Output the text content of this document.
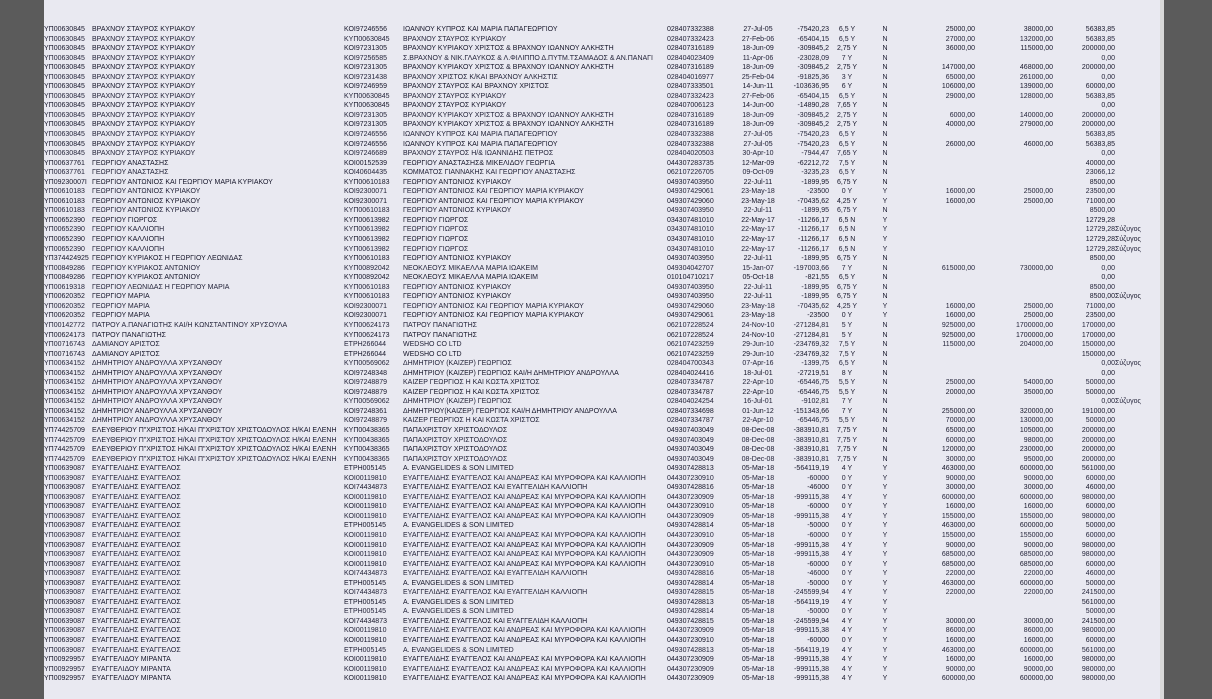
ΥΠ00630845	ΒΡΑΧΝΟΥ ΣΤΑΥΡΟΣ ΚΥΡΙΑΚΟΥ	ΚΟΙ97246556	ΙΩΑΝΝΟΥ ΚΥΠΡΟΣ ΚΑΙ ΜΑΡΙΑ ΠΑΠΑΓΕΩΡΓΙΟΥ	028407332388	27-Jul-05	-75420,23	6,5 Y	N	25000,00	38000,00	56383,85	
ΥΠ00630845	ΒΡΑΧΝΟΥ ΣΤΑΥΡΟΣ ΚΥΡΙΑΚΟΥ	ΚΥΠ00630845	ΒΡΑΧΝΟΥ ΣΤΑΥΡΟΣ ΚΥΡΙΑΚΟΥ	028407332423	27-Feb-06	-65404,15	6,5 Y	N	27000,00	132000,00	56383,85	
ΥΠ00630845	ΒΡΑΧΝΟΥ ΣΤΑΥΡΟΣ ΚΥΡΙΑΚΟΥ	ΚΟΙ97231305	ΒΡΑΧΝΟΥ ΚΥΡΙΑΚΟΥ ΧΡΙΣΤΟΣ & ΒΡΑΧΝΟΥ ΙΩΑΝΝΟΥ ΑΛΚΗΣΤΗ	028407316189	18-Jun-09	-309845,2	2,75 Y	N	36000,00	115000,00	200000,00	
ΥΠ00630845	ΒΡΑΧΝΟΥ ΣΤΑΥΡΟΣ ΚΥΡΙΑΚΟΥ	ΚΟΙ97256585	Σ.ΒΡΑΧΝΟΥ & ΝΙΚ.ΓΛΑΥΚΟΣ & Λ.ΦΙΛΙΠΠΟ Δ.ΠΥΤΜ.ΤΣΑΜΑΔΟΣ & ΑΝ.ΠΑΝΑΓΙ	028404023409	11-Apr-06	-23028,09	7 Y	N			0,00	
ΥΠ00630845	ΒΡΑΧΝΟΥ ΣΤΑΥΡΟΣ ΚΥΡΙΑΚΟΥ	ΚΟΙ97231305	ΒΡΑΧΝΟΥ ΚΥΡΙΑΚΟΥ ΧΡΙΣΤΟΣ & ΒΡΑΧΝΟΥ ΙΩΑΝΝΟΥ ΑΛΚΗΣΤΗ	028407316189	18-Jun-09	-309845,2	2,75 Y	N	147000,00	468000,00	200000,00	
ΥΠ00630845	ΒΡΑΧΝΟΥ ΣΤΑΥΡΟΣ ΚΥΡΙΑΚΟΥ	ΚΟΙ97231438	ΒΡΑΧΝΟΥ ΧΡΙΣΤΟΣ Κ/ΚΑΙ ΒΡΑΧΝΟΥ ΑΛΚΗΣΤΙΣ	028404016977	25-Feb-04	-91825,36	3 Y	N	65000,00	261000,00	0,00	
ΥΠ00630845	ΒΡΑΧΝΟΥ ΣΤΑΥΡΟΣ ΚΥΡΙΑΚΟΥ	ΚΟΙ97246959	ΒΡΑΧΝΟΥ ΣΤΑΥΡΟΣ ΚΑΙ ΒΡΑΧΝΟΥ ΧΡΙΣΤΟΣ	028407333501	14-Jun-11	-103636,95	6 Y	N	106000,00	139000,00	60000,00	
ΥΠ00630845	ΒΡΑΧΝΟΥ ΣΤΑΥΡΟΣ ΚΥΡΙΑΚΟΥ	ΚΥΠ00630845	ΒΡΑΧΝΟΥ ΣΤΑΥΡΟΣ ΚΥΡΙΑΚΟΥ	028407332423	27-Feb-06	-65404,15	6,5 Y	N	29000,00	128000,00	56383,85	
ΥΠ00630845	ΒΡΑΧΝΟΥ ΣΤΑΥΡΟΣ ΚΥΡΙΑΚΟΥ	ΚΥΠ00630845	ΒΡΑΧΝΟΥ ΣΤΑΥΡΟΣ ΚΥΡΙΑΚΟΥ	028407006123	14-Jun-00	-14890,28	7,65 Y	N			0,00	
ΥΠ00630845	ΒΡΑΧΝΟΥ ΣΤΑΥΡΟΣ ΚΥΡΙΑΚΟΥ	ΚΟΙ97231305	ΒΡΑΧΝΟΥ ΚΥΡΙΑΚΟΥ ΧΡΙΣΤΟΣ & ΒΡΑΧΝΟΥ ΙΩΑΝΝΟΥ ΑΛΚΗΣΤΗ	028407316189	18-Jun-09	-309845,2	2,75 Y	N	6000,00	140000,00	200000,00	
ΥΠ00630845	ΒΡΑΧΝΟΥ ΣΤΑΥΡΟΣ ΚΥΡΙΑΚΟΥ	ΚΟΙ97231305	ΒΡΑΧΝΟΥ ΚΥΡΙΑΚΟΥ ΧΡΙΣΤΟΣ & ΒΡΑΧΝΟΥ ΙΩΑΝΝΟΥ ΑΛΚΗΣΤΗ	028407316189	18-Jun-09	-309845,2	2,75 Y	N	40000,00	279000,00	200000,00	
ΥΠ00630845	ΒΡΑΧΝΟΥ ΣΤΑΥΡΟΣ ΚΥΡΙΑΚΟΥ	ΚΟΙ97246556	ΙΩΑΝΝΟΥ ΚΥΠΡΟΣ ΚΑΙ ΜΑΡΙΑ ΠΑΠΑΓΕΩΡΓΙΟΥ	028407332388	27-Jul-05	-75420,23	6,5 Y	N			56383,85	
ΥΠ00630845	ΒΡΑΧΝΟΥ ΣΤΑΥΡΟΣ ΚΥΡΙΑΚΟΥ	ΚΟΙ97246556	ΙΩΑΝΝΟΥ ΚΥΠΡΟΣ ΚΑΙ ΜΑΡΙΑ ΠΑΠΑΓΕΩΡΓΙΟΥ	028407332388	27-Jul-05	-75420,23	6,5 Y	N	26000,00	46000,00	56383,85	
ΥΠ00630845	ΒΡΑΧΝΟΥ ΣΤΑΥΡΟΣ ΚΥΡΙΑΚΟΥ	ΚΟΙ97246689	ΒΡΑΧΝΟΥ ΣΤΑΥΡΟΣ Η/& ΙΩΑΝΝΙΔΗΣ ΠΕΤΡΟΣ	028404020503	30-Apr-10	-7944,47	7,65 Y	N			0,00	
ΥΠ00637761	ΓΕΩΡΓΙΟΥ ΑΝΑΣΤΑΣΗΣ	ΚΟΙ00152539	ΓΕΩΡΓΙΟΥ ΑΝΑΣΤΑΣΗΣ& ΜΙΚΕΛΙΔΟΥ ΓΕΩΡΓΙΑ	044307283735	12-Mar-09	-62212,72	7,5 Y	N			40000,00	
ΥΠ00637761	ΓΕΩΡΓΙΟΥ ΑΝΑΣΤΑΣΗΣ	ΚΟΙ40604435	ΚΟΜΜΑΤΟΣ ΓΙΑΝΝΑΚΗΣ ΚΑΙ ΓΕΩΡΓΙΟΥ ΑΝΑΣΤΑΣΗΣ	062107226705	09-Oct-09	-3235,23	6,5 Y	N			23066,12	
ΥΠ09230007Ι	ΓΕΩΡΓΙΟΥ ΑΝΤΩΝΙΟΣ ΚΑΙ ΓΕΩΡΓΙΟΥ ΜΑΡΙΑ ΚΥΡΙΑΚΟΥ	ΚΥΠ00610183	ΓΕΩΡΓΙΟΥ ΑΝΤΩΝΙΟΣ ΚΥΡΙΑΚΟΥ	049307403950	22-Jul-11	-1899,95	6,75 Y	N			8500,00	
ΥΠ00610183	ΓΕΩΡΓΙΟΥ ΑΝΤΩΝΙΟΣ ΚΥΡΙΑΚΟΥ	ΚΟΙ92300071	ΓΕΩΡΓΙΟΥ ΑΝΤΩΝΙΟΣ ΚΑΙ ΓΕΩΡΓΙΟΥ ΜΑΡΙΑ ΚΥΡΙΑΚΟΥ	049307429061	23-May-18	-23500	0 Y	Y	16000,00	25000,00	23500,00	
ΥΠ00610183	ΓΕΩΡΓΙΟΥ ΑΝΤΩΝΙΟΣ ΚΥΡΙΑΚΟΥ	ΚΟΙ92300071	ΓΕΩΡΓΙΟΥ ΑΝΤΩΝΙΟΣ ΚΑΙ ΓΕΩΡΓΙΟΥ ΜΑΡΙΑ ΚΥΡΙΑΚΟΥ	049307429060	23-May-18	-70435,62	4,25 Y	Y	16000,00	25000,00	71000,00	
ΥΠ00610183	ΓΕΩΡΓΙΟΥ ΑΝΤΩΝΙΟΣ ΚΥΡΙΑΚΟΥ	ΚΥΠ00610183	ΓΕΩΡΓΙΟΥ ΑΝΤΩΝΙΟΣ ΚΥΡΙΑΚΟΥ	049307403950	22-Jul-11	-1899,95	6,75 Y	N			8500,00	
ΥΠ00652390	ΓΕΩΡΓΙΟΥ ΓΙΩΡΓΟΣ	ΚΥΠ00613982	ΓΕΩΡΓΙΟΥ ΓΙΩΡΓΟΣ	034307481010	22-May-17	-11266,17	6,5 N	Y			12729,28	
ΥΠ00652390	ΓΕΩΡΓΙΟΥ ΚΑΛΛΙΟΠΗ	ΚΥΠ00613982	ΓΕΩΡΓΙΟΥ ΓΙΩΡΓΟΣ	034307481010	22-May-17	-11266,17	6,5 N	Y			12729,28	Σύζυγος
ΥΠ00652390	ΓΕΩΡΓΙΟΥ ΚΑΛΛΙΟΠΗ	ΚΥΠ00613982	ΓΕΩΡΓΙΟΥ ΓΙΩΡΓΟΣ	034307481010	22-May-17	-11266,17	6,5 N	Y			12729,28	Σύζυγος
ΥΠ00652390	ΓΕΩΡΓΙΟΥ ΚΑΛΛΙΟΠΗ	ΚΥΠ00613982	ΓΕΩΡΓΙΟΥ ΓΙΩΡΓΟΣ	034307481010	22-May-17	-11266,17	6,5 N	Y			12729,28	Σύζυγος
ΥΠ374424925	ΓΕΩΡΓΙΟΥ ΚΥΡΙΑΚΟΣ Η ΓΕΩΡΓΙΟΥ ΛΕΩΝΙΔΑΣ	ΚΥΠ00610183	ΓΕΩΡΓΙΟΥ ΑΝΤΩΝΙΟΣ ΚΥΡΙΑΚΟΥ	049307403950	22-Jul-11	-1899,95	6,75 Y	N			8500,00	
ΥΠ00849286	ΓΕΩΡΓΙΟΥ ΚΥΡΙΑΚΟΣ ΑΝΤΩΝΙΟΥ	ΚΥΠ00892042	ΝΕΟΚΛΕΟΥΣ ΜΙΚΑΕΛΛΑ ΜΑΡΙΑ ΙΩΑΚΕΙΜ	049304042707	15-Jan-07	-197003,66	7 Y	N	615000,00	730000,00	0,00	
ΥΠ00849286	ΓΕΩΡΓΙΟΥ ΚΥΡΙΑΚΟΣ ΑΝΤΩΝΙΟΥ	ΚΥΠ00892042	ΝΕΟΚΛΕΟΥΣ ΜΙΚΑΕΛΛΑ ΜΑΡΙΑ ΙΩΑΚΕΙΜ	010104710217	05-Oct-18	-821,55	6,5 Y	N			0,00	
ΥΠ00619318	ΓΕΩΡΓΙΟΥ ΛΕΩΝΙΔΑΣ Η ΓΕΩΡΓΙΟΥ ΜΑΡΙΑ	ΚΥΠ00610183	ΓΕΩΡΓΙΟΥ ΑΝΤΩΝΙΟΣ ΚΥΡΙΑΚΟΥ	049307403950	22-Jul-11	-1899,95	6,75 Y	N			8500,00	
ΥΠ00620352	ΓΕΩΡΓΙΟΥ ΜΑΡΙΑ	ΚΥΠ00610183	ΓΕΩΡΓΙΟΥ ΑΝΤΩΝΙΟΣ ΚΥΡΙΑΚΟΥ	049307403950	22-Jul-11	-1899,95	6,75 Y	N			8500,00	Σύζυγος
ΥΠ00620352	ΓΕΩΡΓΙΟΥ ΜΑΡΙΑ	ΚΟΙ92300071	ΓΕΩΡΓΙΟΥ ΑΝΤΩΝΙΟΣ ΚΑΙ ΓΕΩΡΓΙΟΥ ΜΑΡΙΑ ΚΥΡΙΑΚΟΥ	049307429060	23-May-18	-70435,62	4,25 Y	Y	16000,00	25000,00	71000,00	
ΥΠ00620352	ΓΕΩΡΓΙΟΥ ΜΑΡΙΑ	ΚΟΙ92300071	ΓΕΩΡΓΙΟΥ ΑΝΤΩΝΙΟΣ ΚΑΙ ΓΕΩΡΓΙΟΥ ΜΑΡΙΑ ΚΥΡΙΑΚΟΥ	049307429061	23-May-18	-23500	0 Y	Y	16000,00	25000,00	23500,00	
ΥΠ00142772	ΠΑΤΡΟΥ Α.ΠΑΝΑΓΙΩΤΗΣ ΚΑΙ/Η ΚΩΝΣΤΑΝΤΙΝΟΥ ΧΡΥΣΟΥΛΑ	ΚΥΠ00624173	ΠΑΤΡΟΥ ΠΑΝΑΓΙΩΤΗΣ	062107228524	24-Nov-10	-271284,81	5 Y	N	925000,00	1700000,00	170000,00	
ΥΠ00624173	ΠΑΤΡΟΥ ΠΑΝΑΓΙΩΤΗΣ	ΚΥΠ00624173	ΠΑΤΡΟΥ ΠΑΝΑΓΙΩΤΗΣ	062107228524	24-Nov-10	-271284,81	5 Y	N	925000,00	1700000,00	170000,00	
ΥΠ00716743	ΔΑΜΙΑΝΟΥ ΑΡΙΣΤΟΣ	ΕΤΡΗ266044	WEDSHO CO LTD	062107423259	29-Jun-10	-234769,32	7,5 Y	N	115000,00	204000,00	150000,00	
ΥΠ00716743	ΔΑΜΙΑΝΟΥ ΑΡΙΣΤΟΣ	ΕΤΡΗ266044	WEDSHO CO LTD	062107423259	29-Jun-10	-234769,32	7,5 Y	N			150000,00	
ΥΠ00634152	ΔΗΜΗΤΡΙΟΥ ΑΝΔΡΟΥΛΛΑ ΧΡΥΣΑΝΘΟΥ	ΚΥΠ00569062	ΔΗΜΗΤΡΙΟΥ (ΚΑΙΖΕΡ) ΓΕΩΡΓΙΟΣ	028404700343	07-Apr-16	-1399,75	6,5 Y	N			0,00	Σύζυγος
ΥΠ00634152	ΔΗΜΗΤΡΙΟΥ ΑΝΔΡΟΥΛΛΑ ΧΡΥΣΑΝΘΟΥ	ΚΟΙ97248348	ΔΗΜΗΤΡΙΟΥ (ΚΑΙΖΕΡ) ΓΕΩΡΓΙΟΣ ΚΑΙ/Η ΔΗΜΗΤΡΙΟΥ ΑΝΔΡΟΥΛΛΑ	028404024416	18-Jul-01	-27219,51	8 Y	N			0,00	
ΥΠ00634152	ΔΗΜΗΤΡΙΟΥ ΑΝΔΡΟΥΛΛΑ ΧΡΥΣΑΝΘΟΥ	ΚΟΙ97248879	ΚΑΙΖΕΡ ΓΕΩΡΓΙΟΣ Η ΚΑΙ ΚΩΣΤΑ ΧΡΙΣΤΟΣ	028407334787	22-Apr-10	-65446,75	5,5 Y	N	25000,00	54000,00	50000,00	
ΥΠ00634152	ΔΗΜΗΤΡΙΟΥ ΑΝΔΡΟΥΛΛΑ ΧΡΥΣΑΝΘΟΥ	ΚΟΙ97248879	ΚΑΙΖΕΡ ΓΕΩΡΓΙΟΣ Η ΚΑΙ ΚΩΣΤΑ ΧΡΙΣΤΟΣ	028407334787	22-Apr-10	-65446,75	5,5 Y	N	20000,00	35000,00	50000,00	
ΥΠ00634152	ΔΗΜΗΤΡΙΟΥ ΑΝΔΡΟΥΛΛΑ ΧΡΥΣΑΝΘΟΥ	ΚΥΠ00569062	ΔΗΜΗΤΡΙΟΥ (ΚΑΙΖΕΡ) ΓΕΩΡΓΙΟΣ	028404024254	16-Jul-01	-9102,81	7 Y	N			0,00	Σύζυγος
ΥΠ00634152	ΔΗΜΗΤΡΙΟΥ ΑΝΔΡΟΥΛΛΑ ΧΡΥΣΑΝΘΟΥ	ΚΟΙ97248361	ΔΗΜΗΤΡΙΟΥ(ΚΑΙΖΕΡ) ΓΕΩΡΓΙΟΣ ΚΑΙ/Η ΔΗΜΗΤΡΙΟΥ ΑΝΔΡΟΥΛΛΑ	028407334698	01-Jun-12	-151343,66	7 Y	N	255000,00	320000,00	191000,00	
ΥΠ00634152	ΔΗΜΗΤΡΙΟΥ ΑΝΔΡΟΥΛΛΑ ΧΡΥΣΑΝΘΟΥ	ΚΟΙ97248879	ΚΑΙΖΕΡ ΓΕΩΡΓΙΟΣ Η ΚΑΙ ΚΩΣΤΑ ΧΡΙΣΤΟΣ	028407334787	22-Apr-10	-65446,75	5,5 Y	N	70000,00	130000,00	50000,00	
ΥΠ74425709	ΕΛΕΥΘΕΡΙΟΥ Π"ΧΡΙΣΤΟΣ Η/ΚΑΙ Π"ΧΡΙΣΤΟΥ ΧΡΙΣΤΟΔΟΥΛΟΣ Η/ΚΑΙ ΕΛΕΝΗ	ΚΥΠ00438365	ΠΑΠΑΧΡΙΣΤΟΥ ΧΡΙΣΤΟΔΟΥΛΟΣ	049307403049	08-Dec-08	-383910,81	7,75 Y	N	65000,00	105000,00	200000,00	
ΥΠ74425709	ΕΛΕΥΘΕΡΙΟΥ Π"ΧΡΙΣΤΟΣ Η/ΚΑΙ Π"ΧΡΙΣΤΟΥ ΧΡΙΣΤΟΔΟΥΛΟΣ Η/ΚΑΙ ΕΛΕΝΗ	ΚΥΠ00438365	ΠΑΠΑΧΡΙΣΤΟΥ ΧΡΙΣΤΟΔΟΥΛΟΣ	049307403049	08-Dec-08	-383910,81	7,75 Y	N	60000,00	98000,00	200000,00	
ΥΠ74425709	ΕΛΕΥΘΕΡΙΟΥ Π"ΧΡΙΣΤΟΣ Η/ΚΑΙ Π"ΧΡΙΣΤΟΥ ΧΡΙΣΤΟΔΟΥΛΟΣ Η/ΚΑΙ ΕΛΕΝΗ	ΚΥΠ00438365	ΠΑΠΑΧΡΙΣΤΟΥ ΧΡΙΣΤΟΔΟΥΛΟΣ	049307403049	08-Dec-08	-383910,81	7,75 Y	N	120000,00	230000,00	200000,00	
ΥΠ74425709	ΕΛΕΥΘΕΡΙΟΥ Π"ΧΡΙΣΤΟΣ Η/ΚΑΙ Π"ΧΡΙΣΤΟΥ ΧΡΙΣΤΟΔΟΥΛΟΣ Η/ΚΑΙ ΕΛΕΝΗ	ΚΥΠ00438365	ΠΑΠΑΧΡΙΣΤΟΥ ΧΡΙΣΤΟΔΟΥΛΟΣ	049307403049	08-Dec-08	-383910,81	7,75 Y	N	30000,00	95000,00	200000,00	
ΥΠ00639087	ΕΥΑΓΓΕΛΙΔΗΣ ΕΥΑΓΓΕΛΟΣ	ΕΤΡΗ005145	A. EVANGELIDES & SON LIMITED	049307428813	05-Mar-18	-564119,19	4 Y	Y	463000,00	600000,00	561000,00	
ΥΠ00639087	ΕΥΑΓΓΕΛΙΔΗΣ ΕΥΑΓΓΕΛΟΣ	ΚΟΙ00119810	ΕΥΑΓΓΕΛΙΔΗΣ ΕΥΑΓΓΕΛΟΣ ΚΑΙ ΑΝΔΡΕΑΣ ΚΑΙ ΜΥΡΟΦΟΡΑ ΚΑΙ ΚΑΛΛΙΟΠΗ	044307230910	05-Mar-18	-60000	0 Y	Y	90000,00	90000,00	60000,00	
ΥΠ00639087	ΕΥΑΓΓΕΛΙΔΗΣ ΕΥΑΓΓΕΛΟΣ	ΚΟΙ74434873	ΕΥΑΓΓΕΛΙΔΗΣ ΕΥΑΓΓΕΛΟΣ ΚΑΙ ΕΥΑΓΓΕΛΙΔΗ ΚΑΛΛΙΟΠΗ	049307428816	05-Mar-18	-46000	0 Y	Y	30000,00	30000,00	46000,00	
ΥΠ00639087	ΕΥΑΓΓΕΛΙΔΗΣ ΕΥΑΓΓΕΛΟΣ	ΚΟΙ00119810	ΕΥΑΓΓΕΛΙΔΗΣ ΕΥΑΓΓΕΛΟΣ ΚΑΙ ΑΝΔΡΕΑΣ ΚΑΙ ΜΥΡΟΦΟΡΑ ΚΑΙ ΚΑΛΛΙΟΠΗ	044307230909	05-Mar-18	-999115,38	4 Y	Y	600000,00	600000,00	980000,00	
ΥΠ00639087	ΕΥΑΓΓΕΛΙΔΗΣ ΕΥΑΓΓΕΛΟΣ	ΚΟΙ00119810	ΕΥΑΓΓΕΛΙΔΗΣ ΕΥΑΓΓΕΛΟΣ ΚΑΙ ΑΝΔΡΕΑΣ ΚΑΙ ΜΥΡΟΦΟΡΑ ΚΑΙ ΚΑΛΛΙΟΠΗ	044307230910	05-Mar-18	-60000	0 Y	Y	16000,00	16000,00	60000,00	
ΥΠ00639087	ΕΥΑΓΓΕΛΙΔΗΣ ΕΥΑΓΓΕΛΟΣ	ΚΟΙ00119810	ΕΥΑΓΓΕΛΙΔΗΣ ΕΥΑΓΓΕΛΟΣ ΚΑΙ ΑΝΔΡΕΑΣ ΚΑΙ ΜΥΡΟΦΟΡΑ ΚΑΙ ΚΑΛΛΙΟΠΗ	044307230909	05-Mar-18	-999115,38	4 Y	Y	155000,00	155000,00	980000,00	
ΥΠ00639087	ΕΥΑΓΓΕΛΙΔΗΣ ΕΥΑΓΓΕΛΟΣ	ΕΤΡΗ005145	A. EVANGELIDES & SON LIMITED	049307428814	05-Mar-18	-50000	0 Y	Y	463000,00	600000,00	50000,00	
ΥΠ00639087	ΕΥΑΓΓΕΛΙΔΗΣ ΕΥΑΓΓΕΛΟΣ	ΚΟΙ00119810	ΕΥΑΓΓΕΛΙΔΗΣ ΕΥΑΓΓΕΛΟΣ ΚΑΙ ΑΝΔΡΕΑΣ ΚΑΙ ΜΥΡΟΦΟΡΑ ΚΑΙ ΚΑΛΛΙΟΠΗ	044307230910	05-Mar-18	-60000	0 Y	Y	155000,00	155000,00	60000,00	
ΥΠ00639087	ΕΥΑΓΓΕΛΙΔΗΣ ΕΥΑΓΓΕΛΟΣ	ΚΟΙ00119810	ΕΥΑΓΓΕΛΙΔΗΣ ΕΥΑΓΓΕΛΟΣ ΚΑΙ ΑΝΔΡΕΑΣ ΚΑΙ ΜΥΡΟΦΟΡΑ ΚΑΙ ΚΑΛΛΙΟΠΗ	044307230909	05-Mar-18	-999115,38	4 Y	Y	90000,00	90000,00	980000,00	
ΥΠ00639087	ΕΥΑΓΓΕΛΙΔΗΣ ΕΥΑΓΓΕΛΟΣ	ΚΟΙ00119810	ΕΥΑΓΓΕΛΙΔΗΣ ΕΥΑΓΓΕΛΟΣ ΚΑΙ ΑΝΔΡΕΑΣ ΚΑΙ ΜΥΡΟΦΟΡΑ ΚΑΙ ΚΑΛΛΙΟΠΗ	044307230909	05-Mar-18	-999115,38	4 Y	Y	685000,00	685000,00	980000,00	
ΥΠ00639087	ΕΥΑΓΓΕΛΙΔΗΣ ΕΥΑΓΓΕΛΟΣ	ΚΟΙ00119810	ΕΥΑΓΓΕΛΙΔΗΣ ΕΥΑΓΓΕΛΟΣ ΚΑΙ ΑΝΔΡΕΑΣ ΚΑΙ ΜΥΡΟΦΟΡΑ ΚΑΙ ΚΑΛΛΙΟΠΗ	044307230910	05-Mar-18	-60000	0 Y	Y	685000,00	685000,00	60000,00	
ΥΠ00639087	ΕΥΑΓΓΕΛΙΔΗΣ ΕΥΑΓΓΕΛΟΣ	ΚΟΙ74434873	ΕΥΑΓΓΕΛΙΔΗΣ ΕΥΑΓΓΕΛΟΣ ΚΑΙ ΕΥΑΓΓΕΛΙΔΗ ΚΑΛΛΙΟΠΗ	049307428816	05-Mar-18	-46000	0 Y	Y	22000,00	22000,00	46000,00	
ΥΠ00639087	ΕΥΑΓΓΕΛΙΔΗΣ ΕΥΑΓΓΕΛΟΣ	ΕΤΡΗ005145	A. EVANGELIDES & SON LIMITED	049307428814	05-Mar-18	-50000	0 Y	Y	463000,00	600000,00	50000,00	
ΥΠ00639087	ΕΥΑΓΓΕΛΙΔΗΣ ΕΥΑΓΓΕΛΟΣ	ΚΟΙ74434873	ΕΥΑΓΓΕΛΙΔΗΣ ΕΥΑΓΓΕΛΟΣ ΚΑΙ ΕΥΑΓΓΕΛΙΔΗ ΚΑΛΛΙΟΠΗ	049307428815	05-Mar-18	-245599,94	4 Y	Y	22000,00	22000,00	241500,00	
ΥΠ00639087	ΕΥΑΓΓΕΛΙΔΗΣ ΕΥΑΓΓΕΛΟΣ	ΕΤΡΗ005145	A. EVANGELIDES & SON LIMITED	049307428813	05-Mar-18	-564119,19	4 Y	Y			561000,00	
ΥΠ00639087	ΕΥΑΓΓΕΛΙΔΗΣ ΕΥΑΓΓΕΛΟΣ	ΕΤΡΗ005145	A. EVANGELIDES & SON LIMITED	049307428814	05-Mar-18	-50000	0 Y	Y			50000,00	
ΥΠ00639087	ΕΥΑΓΓΕΛΙΔΗΣ ΕΥΑΓΓΕΛΟΣ	ΚΟΙ74434873	ΕΥΑΓΓΕΛΙΔΗΣ ΕΥΑΓΓΕΛΟΣ ΚΑΙ ΕΥΑΓΓΕΛΙΔΗ ΚΑΛΛΙΟΠΗ	049307428815	05-Mar-18	-245599,94	4 Y	Y	30000,00	30000,00	241500,00	
ΥΠ00639087	ΕΥΑΓΓΕΛΙΔΗΣ ΕΥΑΓΓΕΛΟΣ	ΚΟΙ00119810	ΕΥΑΓΓΕΛΙΔΗΣ ΕΥΑΓΓΕΛΟΣ ΚΑΙ ΑΝΔΡΕΑΣ ΚΑΙ ΜΥΡΟΦΟΡΑ ΚΑΙ ΚΑΛΛΙΟΠΗ	044307230909	05-Mar-18	-999115,38	4 Y	Y	86000,00	86000,00	980000,00	
ΥΠ00639087	ΕΥΑΓΓΕΛΙΔΗΣ ΕΥΑΓΓΕΛΟΣ	ΚΟΙ00119810	ΕΥΑΓΓΕΛΙΔΗΣ ΕΥΑΓΓΕΛΟΣ ΚΑΙ ΑΝΔΡΕΑΣ ΚΑΙ ΜΥΡΟΦΟΡΑ ΚΑΙ ΚΑΛΛΙΟΠΗ	044307230910	05-Mar-18	-60000	0 Y	Y	16000,00	16000,00	60000,00	
ΥΠ00639087	ΕΥΑΓΓΕΛΙΔΗΣ ΕΥΑΓΓΕΛΟΣ	ΕΤΡΗ005145	A. EVANGELIDES & SON LIMITED	049307428813	05-Mar-18	-564119,19	4 Y	Y	463000,00	600000,00	561000,00	
ΥΠ00929957	ΕΥΑΓΓΕΛΙΔΟΥ ΜΙΡΑΝΤΑ	ΚΟΙ00119810	ΕΥΑΓΓΕΛΙΔΗΣ ΕΥΑΓΓΕΛΟΣ ΚΑΙ ΑΝΔΡΕΑΣ ΚΑΙ ΜΥΡΟΦΟΡΑ ΚΑΙ ΚΑΛΛΙΟΠΗ	044307230909	05-Mar-18	-999115,38	4 Y	Y	16000,00	16000,00	980000,00	
ΥΠ00929957	ΕΥΑΓΓΕΛΙΔΟΥ ΜΙΡΑΝΤΑ	ΚΟΙ00119810	ΕΥΑΓΓΕΛΙΔΗΣ ΕΥΑΓΓΕΛΟΣ ΚΑΙ ΑΝΔΡΕΑΣ ΚΑΙ ΜΥΡΟΦΟΡΑ ΚΑΙ ΚΑΛΛΙΟΠΗ	044307230909	05-Mar-18	-999115,38	4 Y	Y	90000,00	90000,00	980000,00	
ΥΠ00929957	ΕΥΑΓΓΕΛΙΔΟΥ ΜΙΡΑΝΤΑ	ΚΟΙ00119810	ΕΥΑΓΓΕΛΙΔΗΣ ΕΥΑΓΓΕΛΟΣ ΚΑΙ ΑΝΔΡΕΑΣ ΚΑΙ ΜΥΡΟΦΟΡΑ ΚΑΙ ΚΑΛΛΙΟΠΗ	044307230909	05-Mar-18	-999115,38	4 Y	Y	600000,00	600000,00	980000,00	
